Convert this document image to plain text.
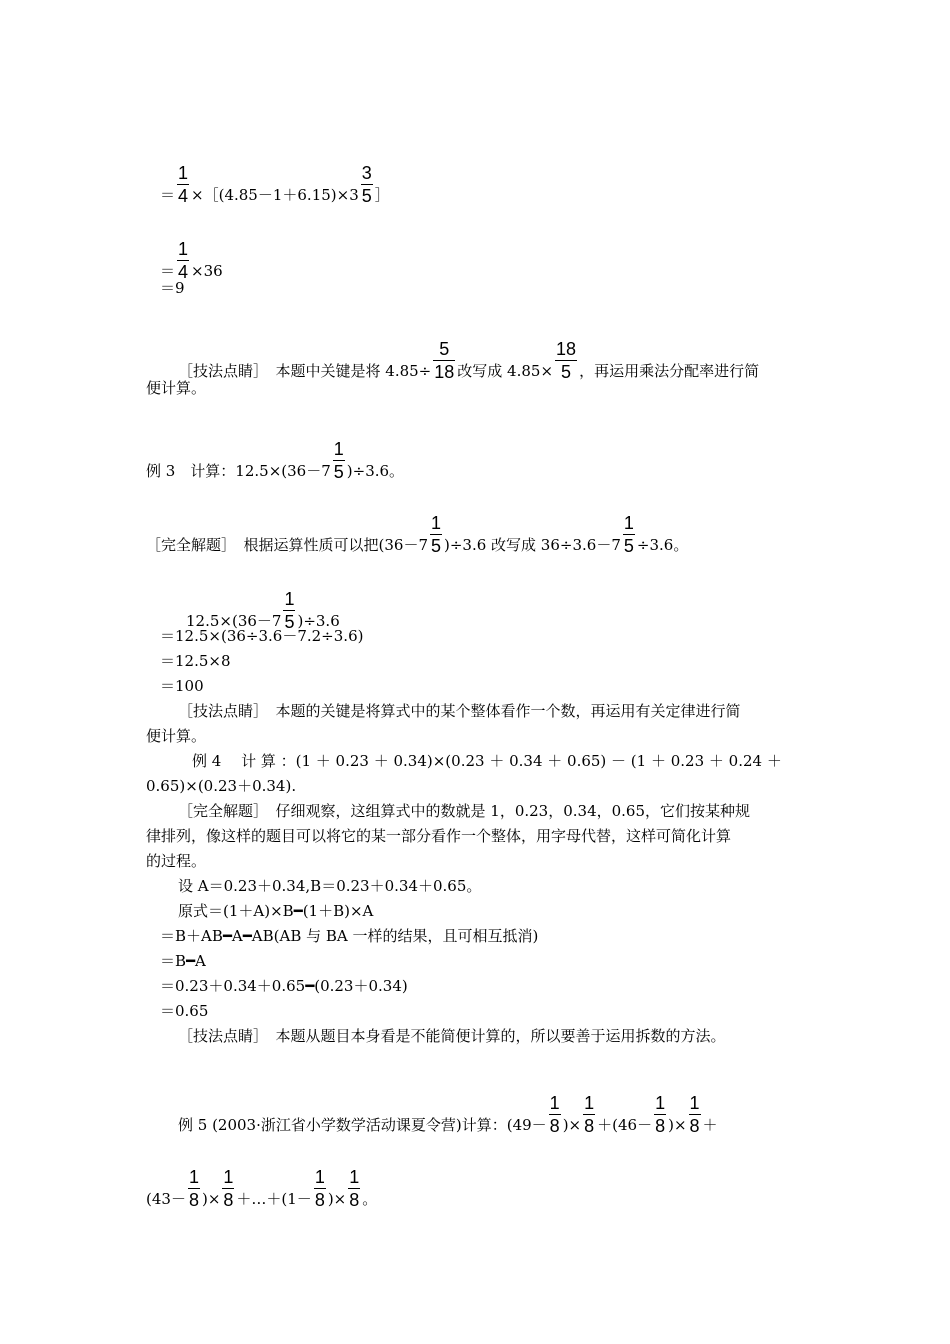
＝ $\frac{1}{4}$ ×［(4.85－1＋6.15)×3 $\frac{3}{5}$ ］
＝ $\frac{1}{4} \times 36$
＝9
［技法点睛］　本题中关键是将 $4.85\div \frac{5}{18}$ 改写成 $4.85\times \frac{18}{5}$ ，再运用乘法分配率进行简
便计算。
例 3　计算：$12.5\times(36-7 \frac{1}{5} )\div 3.6$。
［完全解题］　根据运算性质可以把$(36-7 \frac{1}{5} )\div 3.6$ 改写成 $36\div 3.6-7 \frac{1}{5} \div 3.6$。
$12.5\times(36-7 \frac{1}{5} )\div 3.6$
＝12.5×(36÷3.6－7.2÷3.6)
＝12.5×8
＝100
［技法点睛］　本题的关键是将算式中的某个整体看作一个数，再运用有关定律进行简
便计算。
例 4　 计 算 ：(1 ＋ 0.23 ＋ 0.34)×(0.23 ＋ 0.34 ＋ 0.65) － (1 ＋ 0.23 ＋ 0.24 ＋
0.65)×(0.23＋0.34).
［完全解题］　仔细观察，这组算式中的数就是 1，0.23，0.34，0.65，它们按某种规
律排列，像这样的题目可以将它的某一部分看作一个整体，用字母代替，这样可简化计算
的过程。
设 A＝0.23＋0.34,B＝0.23＋0.34＋0.65。
原式＝(1＋A)×B━(1＋B)×A
＝B＋AB━A━AB(AB 与 BA 一样的结果，且可相互抵消)
＝B━A
＝0.23＋0.34＋0.65━(0.23＋0.34)
＝0.65
［技法点睛］　本题从题目本身看是不能简便计算的，所以要善于运用拆数的方法。
例 5 (2003·浙江省小学数学活动课夏令营)计算：($49- \frac{1}{8}$ )× $\frac{1}{8} +(46- \frac{1}{8}$ )× $\frac{1}{8}$ ＋
($43- \frac{1}{8}$ )× $\frac{1}{8}$ ＋…＋(1－ $\frac{1}{8}$ )× $\frac{1}{8}$ 。
